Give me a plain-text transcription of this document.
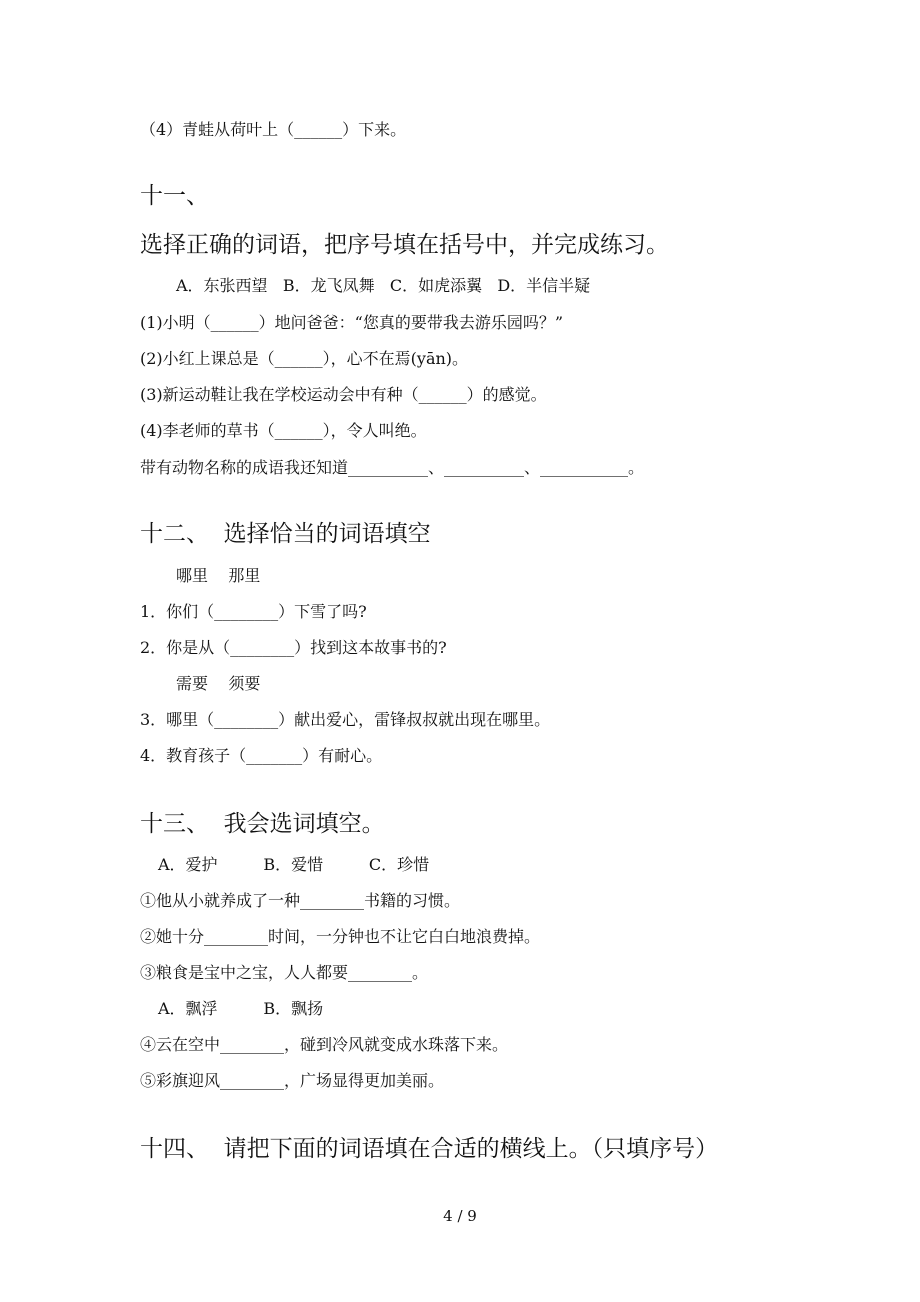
（4）青蛙从荷叶上（______）下来。
十一、
选择正确的词语，把序号填在括号中，并完成练习。
A．东张西望   B．龙飞凤舞   C．如虎添翼   D．半信半疑
(1)小明（______）地问爸爸：“您真的要带我去游乐园吗？”
(2)小红上课总是（______），心不在焉(yān)。
(3)新运动鞋让我在学校运动会中有种（______）的感觉。
(4)李老师的草书（______），令人叫绝。
带有动物名称的成语我还知道__________、__________、___________。
十二、  选择恰当的词语填空
哪里    那里
1．你们（________）下雪了吗?
2．你是从（________）找到这本故事书的?
需要    须要
3．哪里（________）献出爱心，雷锋叔叔就出现在哪里。
4．教育孩子（_______）有耐心。
十三、  我会选词填空。
A．爱护         B．爱惜         C．珍惜
①他从小就养成了一种________书籍的习惯。
②她十分________时间，一分钟也不让它白白地浪费掉。
③粮食是宝中之宝，人人都要________。
A．飘浮         B．飘扬
④云在空中________，碰到冷风就变成水珠落下来。
⑤彩旗迎风________，广场显得更加美丽。
十四、  请把下面的词语填在合适的横线上。（只填序号）
4 / 9
